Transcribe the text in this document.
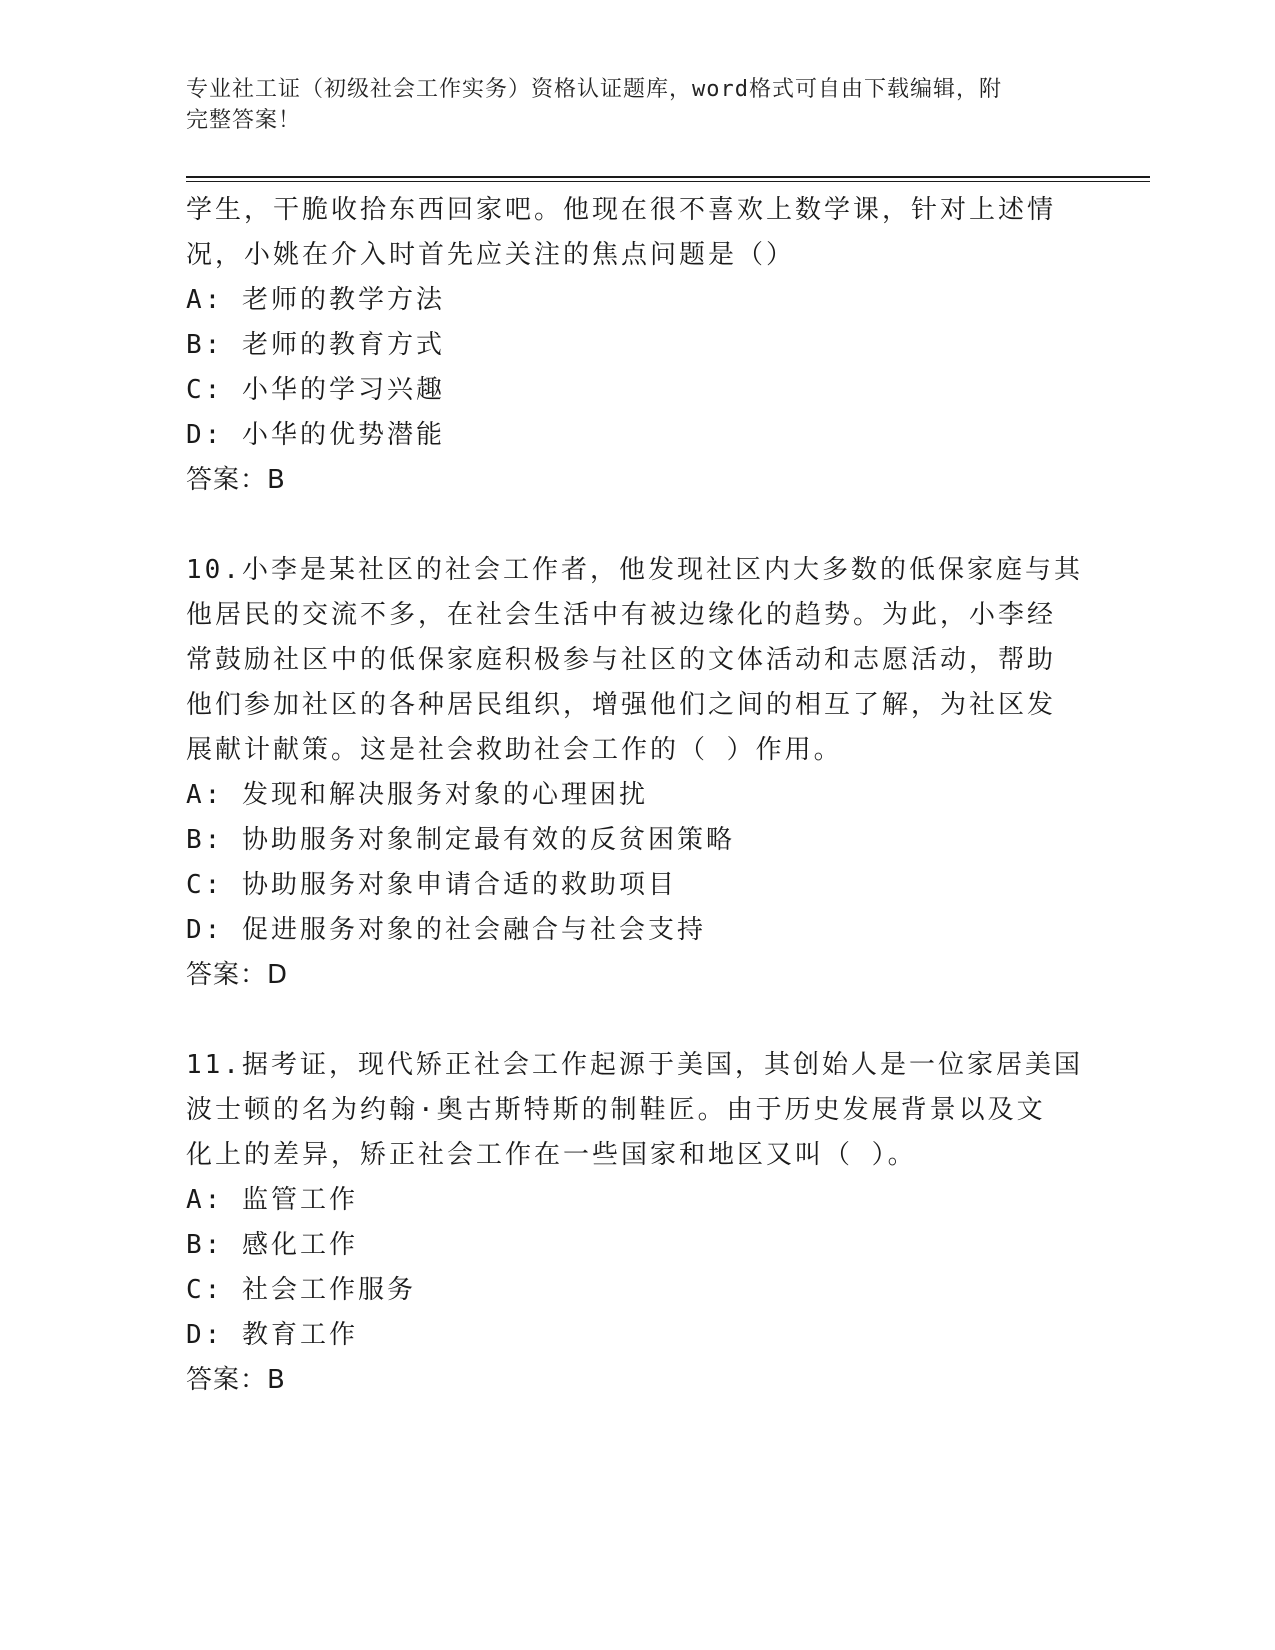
专业社工证（初级社会工作实务）资格认证题库，word格式可自由下载编辑，附
完整答案！
学生，干脆收拾东西回家吧。他现在很不喜欢上数学课，针对上述情
况，小姚在介入时首先应关注的焦点问题是（）
A: 老师的教学方法
B: 老师的教育方式
C: 小华的学习兴趣
D: 小华的优势潜能
答案：B
10.小李是某社区的社会工作者，他发现社区内大多数的低保家庭与其
他居民的交流不多，在社会生活中有被边缘化的趋势。为此，小李经
常鼓励社区中的低保家庭积极参与社区的文体活动和志愿活动，帮助
他们参加社区的各种居民组织，增强他们之间的相互了解，为社区发
展献计献策。这是社会救助社会工作的（ ）作用。
A: 发现和解决服务对象的心理困扰
B: 协助服务对象制定最有效的反贫困策略
C: 协助服务对象申请合适的救助项目
D: 促进服务对象的社会融合与社会支持
答案：D
11.据考证，现代矫正社会工作起源于美国，其创始人是一位家居美国
波士顿的名为约翰·奥古斯特斯的制鞋匠。由于历史发展背景以及文
化上的差异，矫正社会工作在一些国家和地区又叫（ ）。
A: 监管工作
B: 感化工作
C: 社会工作服务
D: 教育工作
答案：B
